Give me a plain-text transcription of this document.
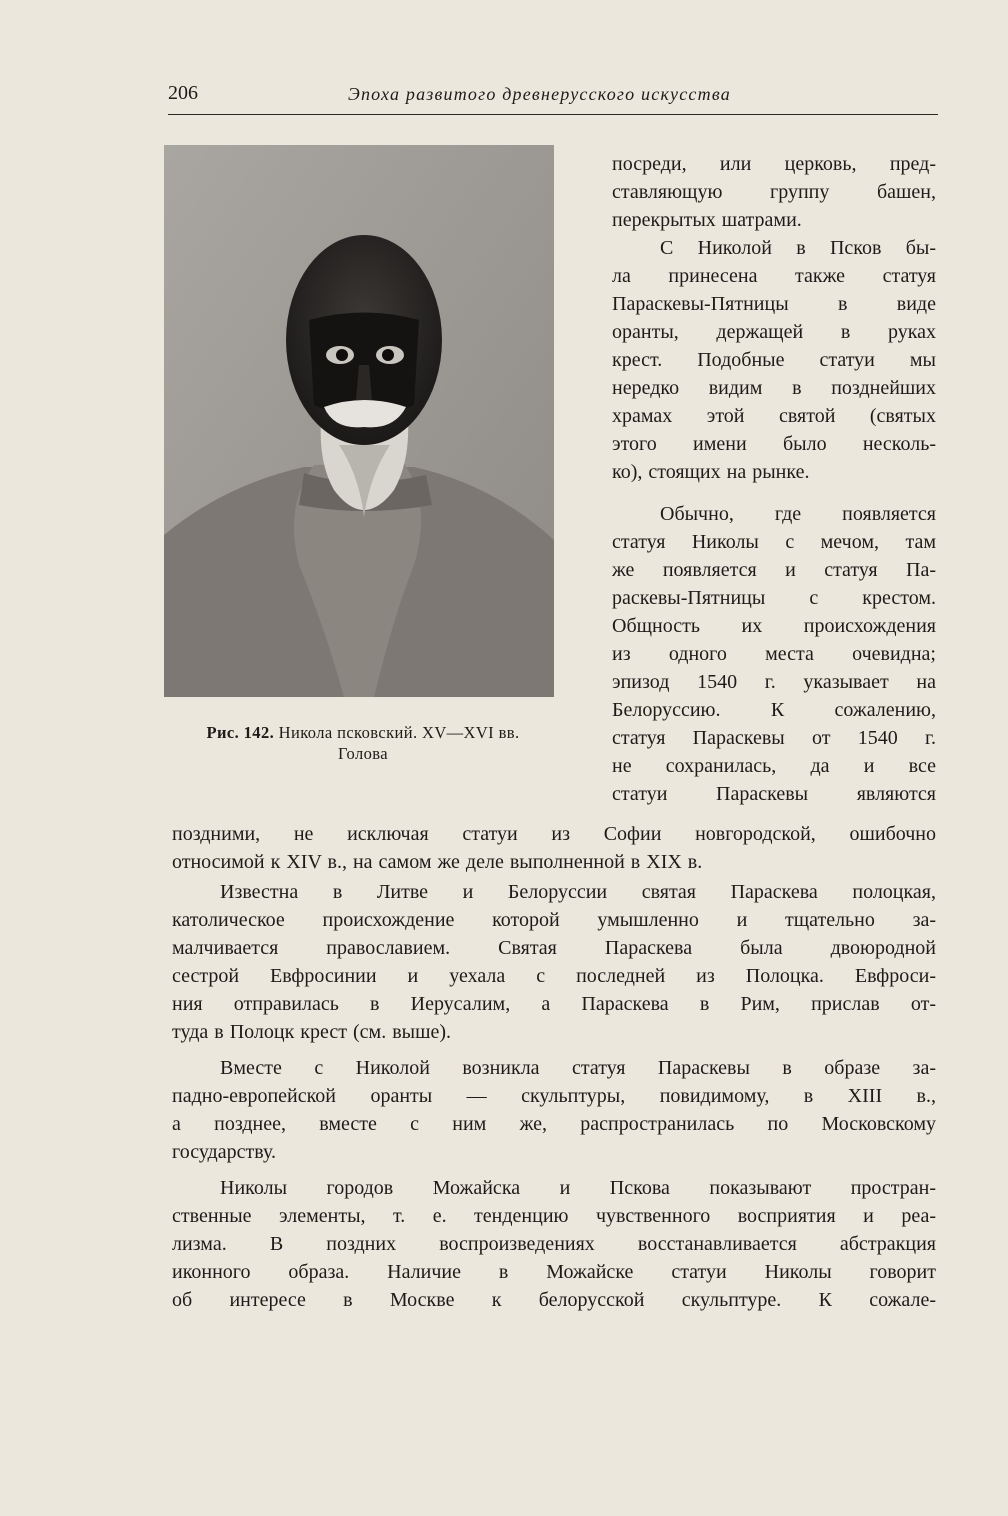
206	Эпоха развитого древнерусского искусства
Рис. 142. Никола псковский. XV—XVI вв.
Голова

посреди, или церковь, пред-
ставляющую группу башен,
перекрытых шатрами.

С Николой в Псков бы-
ла принесена также статуя
Параскевы-Пятницы в виде
оранты, держащей в руках
крест. Подобные статуи мы
нередко видим в позднейших
храмах этой святой (святых
этого имени было несколь-
ко), стоящих на рынке.

Обычно, где появляется
статуя Николы с мечом, там
же появляется и статуя Па-
раскевы-Пятницы с крестом.
Общность их происхождения
из одного места очевидна;
эпизод 1540 г. указывает на
Белоруссию. К сожалению,
статуя Параскевы от 1540 г.
не сохранилась, да и все
статуи Параскевы являются

поздними, не исключая статуи из Софии новгородской, ошибочно
относимой к XIV в., на самом же деле выполненной в XIX в.

Известна в Литве и Белоруссии святая Параскева полоцкая,
католическое происхождение которой умышленно и тщательно за-
малчивается православием. Святая Параскева была двоюродной
сестрой Евфросинии и уехала с последней из Полоцка. Евфроси-
ния отправилась в Иерусалим, а Параскева в Рим, прислав от-
туда в Полоцк крест (см. выше).

Вместе с Николой возникла статуя Параскевы в образе за-
падно-европейской оранты — скульптуры, повидимому, в XIII в.,
а позднее, вместе с ним же, распространилась по Московскому
государству.

Николы городов Можайска и Пскова показывают простран-
ственные элементы, т. е. тенденцию чувственного восприятия и реа-
лизма. В поздних воспроизведениях восстанавливается абстракция
иконного образа. Наличие в Можайске статуи Николы говорит
об интересе в Москве к белорусской скульптуре. К сожале-
